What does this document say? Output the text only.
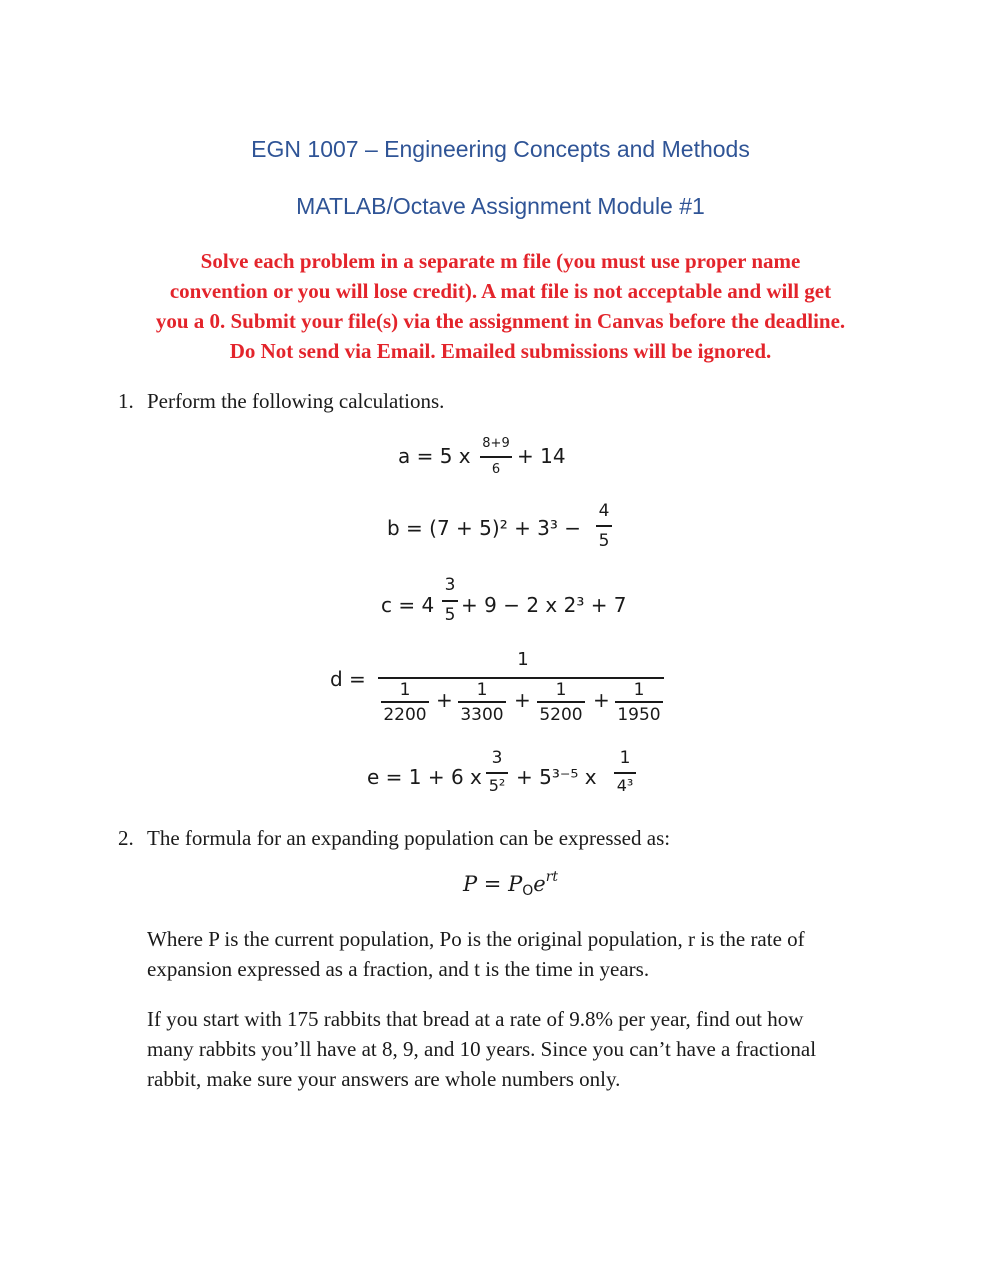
EGN 1007 – Engineering Concepts and Methods
MATLAB/Octave Assignment Module #1
Solve each problem in a separate m file (you must use proper name
convention or you will lose credit). A mat file is not acceptable and will get
you a 0. Submit your file(s) via the assignment in Canvas before the deadline.
Do Not send via Email. Emailed submissions will be ignored.
1. Perform the following calculations.
a = 5 x
8+9
6
+ 14
b = (7 + 5)² + 3³ −
4
5
c = 4
3
5 + 9 − 2 x 2³ + 7
d =
1
1
2200
+	1
3300
+	1
5200
+	1
1950
e = 1 + 6 x
3
5² + 5³⁻⁵ x
1
4³
2. The formula for an expanding population can be expressed as:
P = POe$^{rt}$
Where P is the current population, Po is the original population, r is the rate of
expansion expressed as a fraction, and t is the time in years.
If you start with 175 rabbits that bread at a rate of 9.8% per year, find out how
many rabbits you’ll have at 8, 9, and 10 years. Since you can’t have a fractional
rabbit, make sure your answers are whole numbers only.
